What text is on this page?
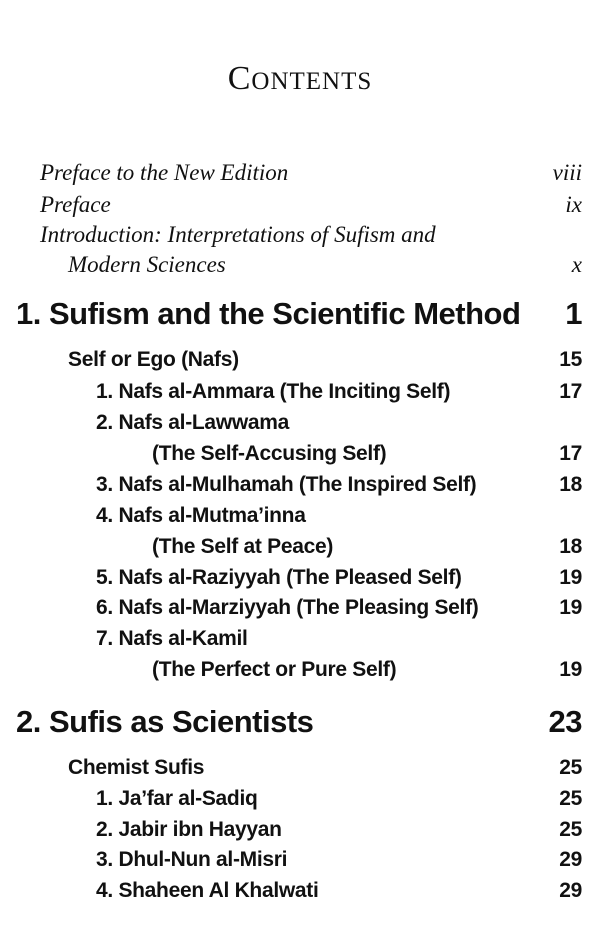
CONTENTS
Preface to the New Edition	viii
Preface	ix
Introduction: Interpretations of Sufism and
Modern Sciences	x
1. Sufism and the Scientific Method	1
Self or Ego (Nafs)	15
1. Nafs al-Ammara (The Inciting Self)	17
2. Nafs al-Lawwama
(The Self-Accusing Self)	17
3. Nafs al-Mulhamah (The Inspired Self)	18
4. Nafs al-Mutma’inna
(The Self at Peace)	18
5. Nafs al-Raziyyah (The Pleased Self)	19
6. Nafs al-Marziyyah (The Pleasing Self)	19
7. Nafs al-Kamil
(The Perfect or Pure Self)	19
2. Sufis as Scientists	23
Chemist Sufis	25
1. Ja’far al-Sadiq	25
2. Jabir ibn Hayyan	25
3. Dhul-Nun al-Misri	29
4. Shaheen Al Khalwati	29
